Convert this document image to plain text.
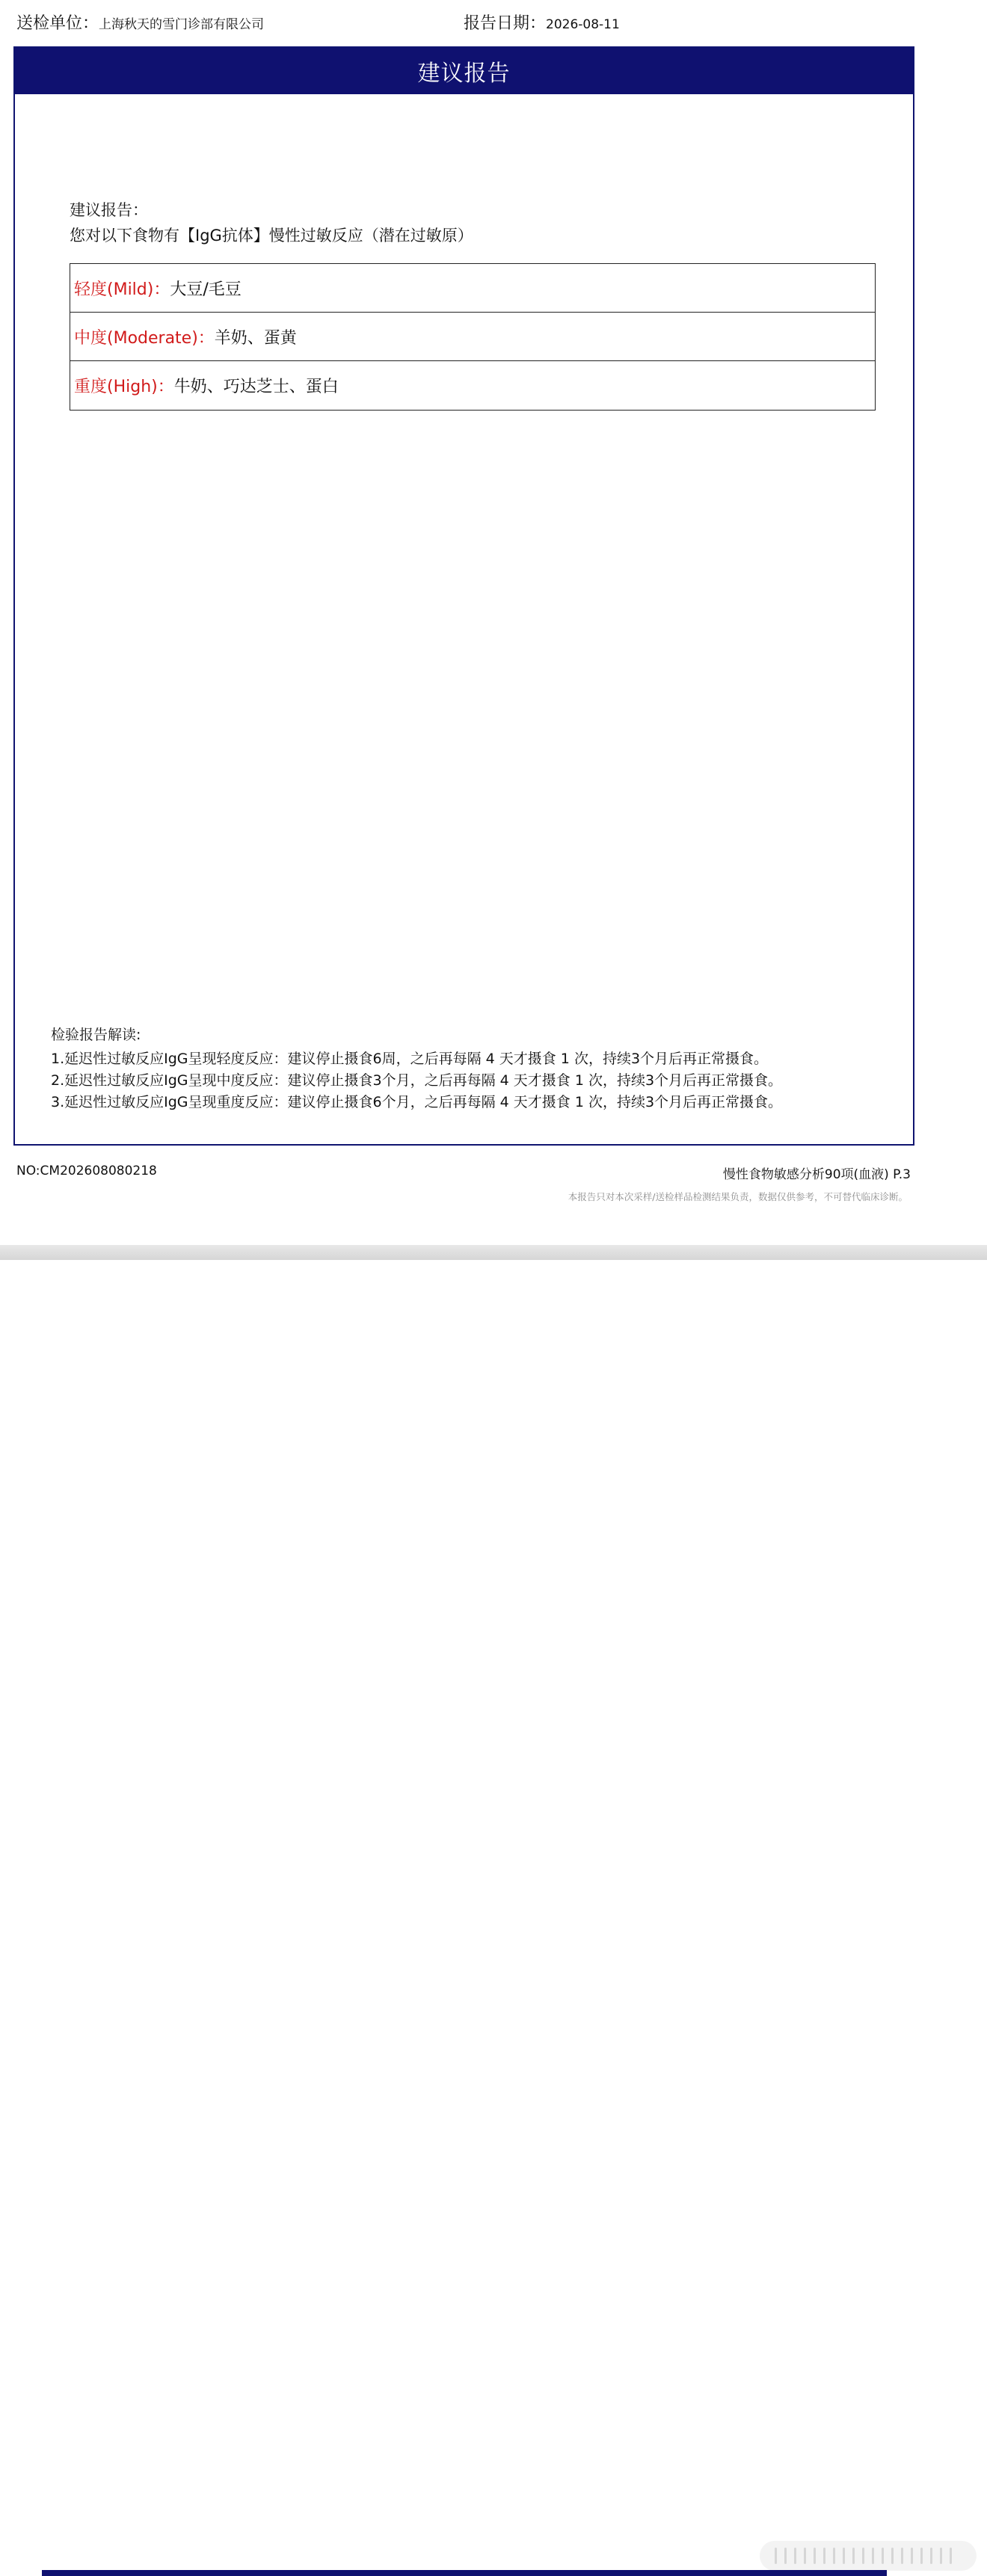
送检单位：上海秋天的雪门诊部有限公司	报告日期：2026-08-11
建议报告
建议报告：
您对以下食物有【IgG抗体】慢性过敏反应（潜在过敏原）
轻度(Mild)： 大豆/毛豆
中度(Moderate)： 羊奶、蛋黄
重度(High)： 牛奶、巧达芝士、蛋白
检验报告解读:
1.延迟性过敏反应IgG呈现轻度反应：建议停止摄食6周，之后再每隔 4 天才摄食 1 次，持续3个月后再正常摄食。
2.延迟性过敏反应IgG呈现中度反应：建议停止摄食3个月，之后再每隔 4 天才摄食 1 次，持续3个月后再正常摄食。
3.延迟性过敏反应IgG呈现重度反应：建议停止摄食6个月，之后再每隔 4 天才摄食 1 次，持续3个月后再正常摄食。
NO:CM202608080218	慢性食物敏感分析90项(血液) P.3
本报告只对本次采样/送检样品检测结果负责，数据仅供参考，不可替代临床诊断。
